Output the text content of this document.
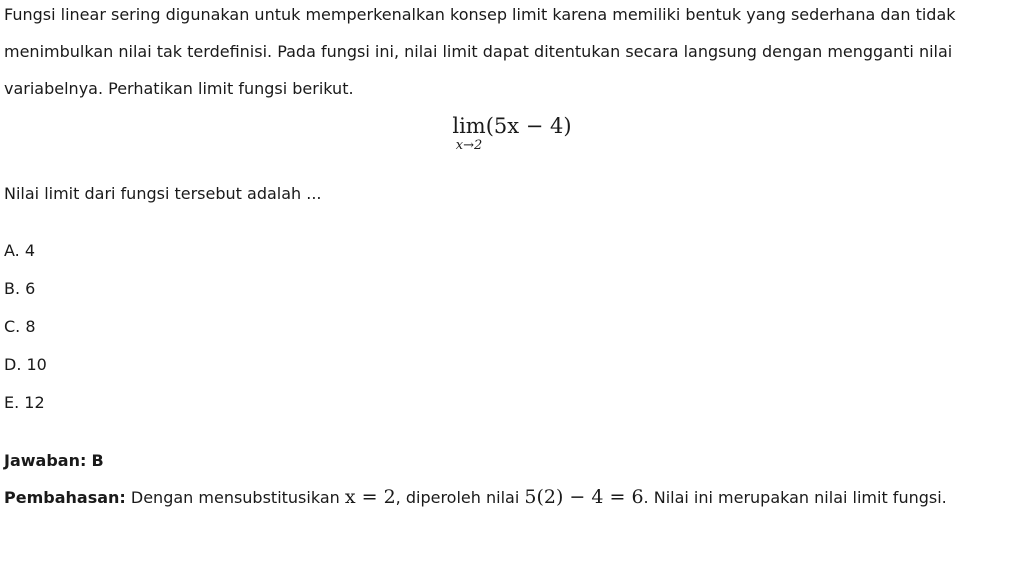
Fungsi linear sering digunakan untuk memperkenalkan konsep limit karena memiliki bentuk yang sederhana dan tidak menimbulkan nilai tak terdefinisi. Pada fungsi ini, nilai limit dapat ditentukan secara langsung dengan mengganti nilai variabelnya. Perhatikan limit fungsi berikut.

lim
x→2
(5x − 4)

Nilai limit dari fungsi tersebut adalah ...

A. 4

B. 6

C. 8

D. 10

E. 12

Jawaban: B

Pembahasan: Dengan mensubstitusikan x = 2, diperoleh nilai 5(2) − 4 = 6. Nilai ini merupakan nilai limit fungsi.
